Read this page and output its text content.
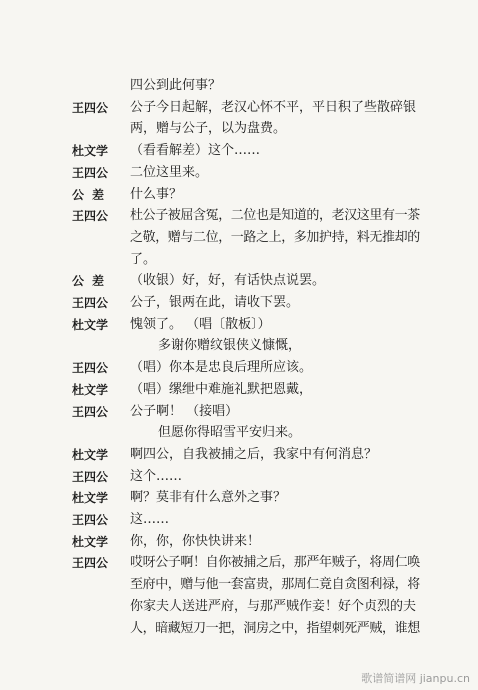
四公到此何事？
王四公	公子今日起解，老汉心怀不平，平日积了些散碎银
两，赠与公子，以为盘费。
杜文学	（看看解差）这个……
王四公	二位这里来。
公差	什么事？
王四公	杜公子被屈含冤，二位也是知道的，老汉这里有一茶
之敬，赠与二位，一路之上，多加护持，料无推却的
了。
公差	（收银）好，好，有话快点说罢。
王四公	公子，银两在此，请收下罢。
杜文学	愧领了。 （唱〔散板〕）
多谢你赠纹银侠义慷慨，
王四公	（唱）你本是忠良后理所应该。
杜文学	（唱）缧绁中难施礼默把恩戴，
王四公	公子啊！ （接唱）
但愿你得昭雪平安归来。
杜文学	啊四公，自我被捕之后，我家中有何消息？
王四公	这个……
杜文学	啊？莫非有什么意外之事？
王四公	这……
杜文学	你，你，你快快讲来！
王四公	哎呀公子啊！自你被捕之后，那严年贼子，将周仁唤
至府中，赠与他一套富贵，那周仁竟自贪图利禄，将
你家夫人送进严府，与那严贼作妾！好个贞烈的夫
人，暗藏短刀一把，洞房之中，指望刺死严贼，谁想
歌谱简谱网 jianpu.cn
